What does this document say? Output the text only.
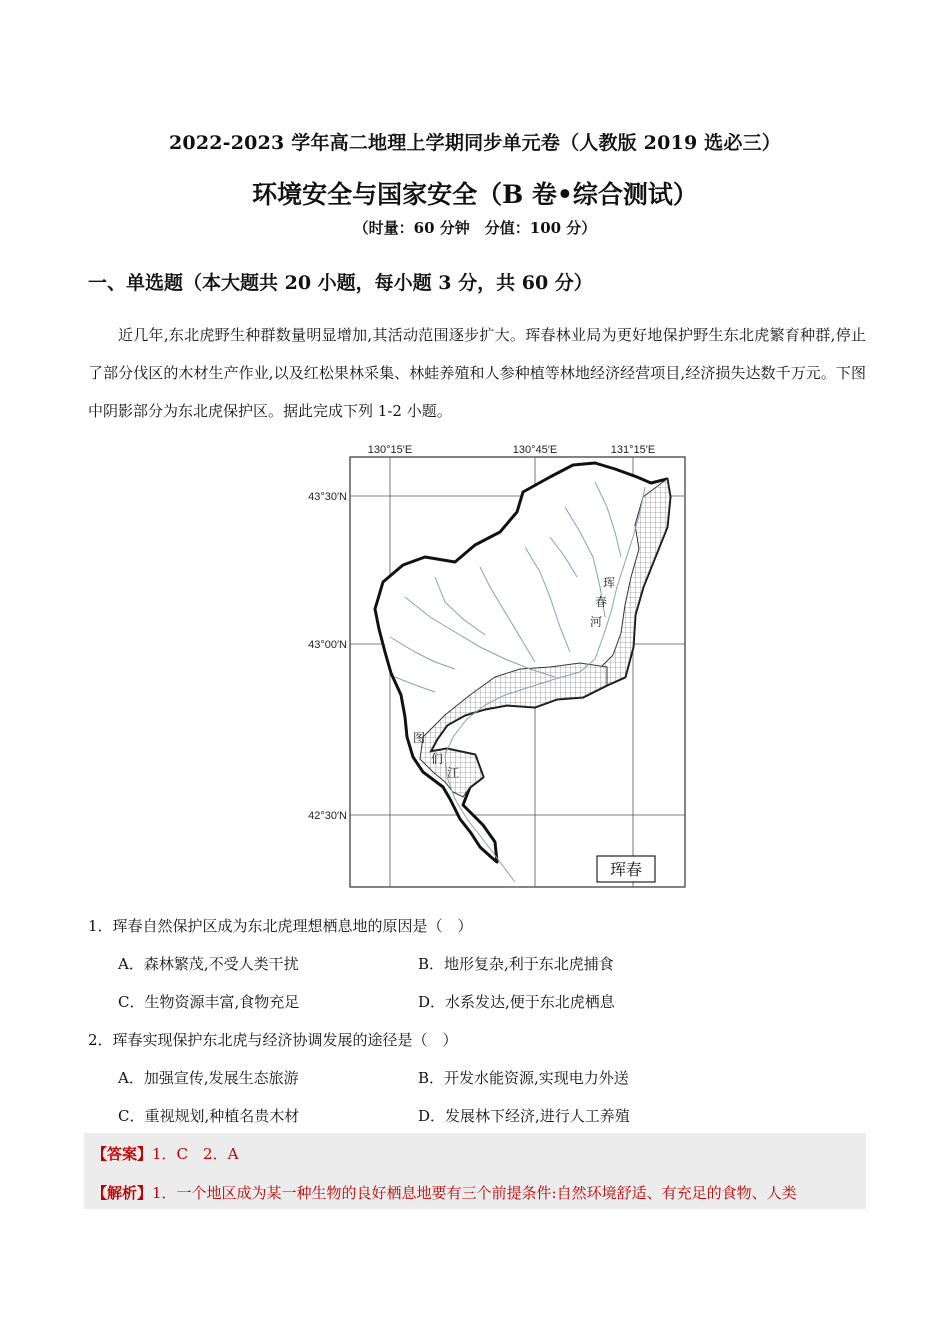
2022-2023 学年高二地理上学期同步单元卷（人教版 2019 选必三）
环境安全与国家安全（B 卷•综合测试）
（时量：60 分钟　分值：100 分）
一、单选题（本大题共 20 小题，每小题 3 分，共 60 分）

近几年,东北虎野生种群数量明显增加,其活动范围逐步扩大。珲春林业局为更好地保护野生东北虎繁育种群,停止了部分伐区的木材生产作业,以及红松果林采集、林蛙养殖和人参种植等林地经济经营项目,经济损失达数千万元。下图中阴影部分为东北虎保护区。据此完成下列 1-2 小题。

130°15′E	130°45′E	131°15′E
43°30′N
43°00′N
42°30′N
珲
春
河
图
们
江
珲春
1．珲春自然保护区成为东北虎理想栖息地的原因是（　）
A．森林繁茂,不受人类干扰	B．地形复杂,利于东北虎捕食
C．生物资源丰富,食物充足	D．水系发达,便于东北虎栖息
2．珲春实现保护东北虎与经济协调发展的途径是（　）
A．加强宣传,发展生态旅游	B．开发水能资源,实现电力外送
C．重视规划,种植名贵木材	D．发展林下经济,进行人工养殖
【答案】1．C　2．A
【解析】1．一个地区成为某一种生物的良好栖息地要有三个前提条件:自然环境舒适、有充足的食物、人类
